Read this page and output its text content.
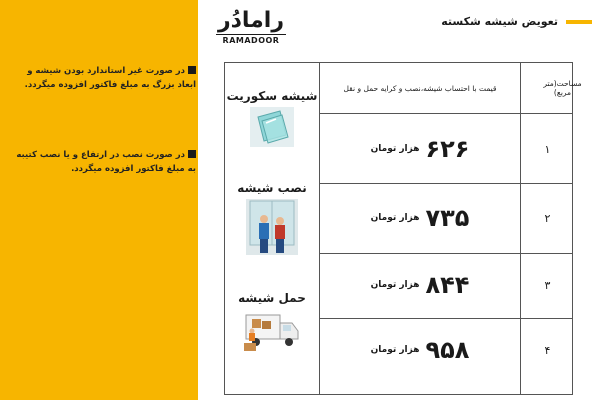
در صورت غیر استاندارد بودن شیشه و ابعاد بزرگ به مبلغ فاکتور افزوده میگردد.

در صورت نصب در ارتفاع و یا نصب کتیبه به مبلغ فاکتور افزوده میگردد.

رامادُر
RAMADOOR
تعویض شیشه شکسته
مساحت(متر مربع)
قیمت با احتساب شیشه،نصب و کرایه حمل و نقل
۱
۶۲۶
هزار تومان
۲
۷۳۵
هزار تومان
۳
۸۴۴
هزار تومان
۴
۹۵۸
هزار تومان
شیشه سکوریت
نصب شیشه
حمل شیشه
